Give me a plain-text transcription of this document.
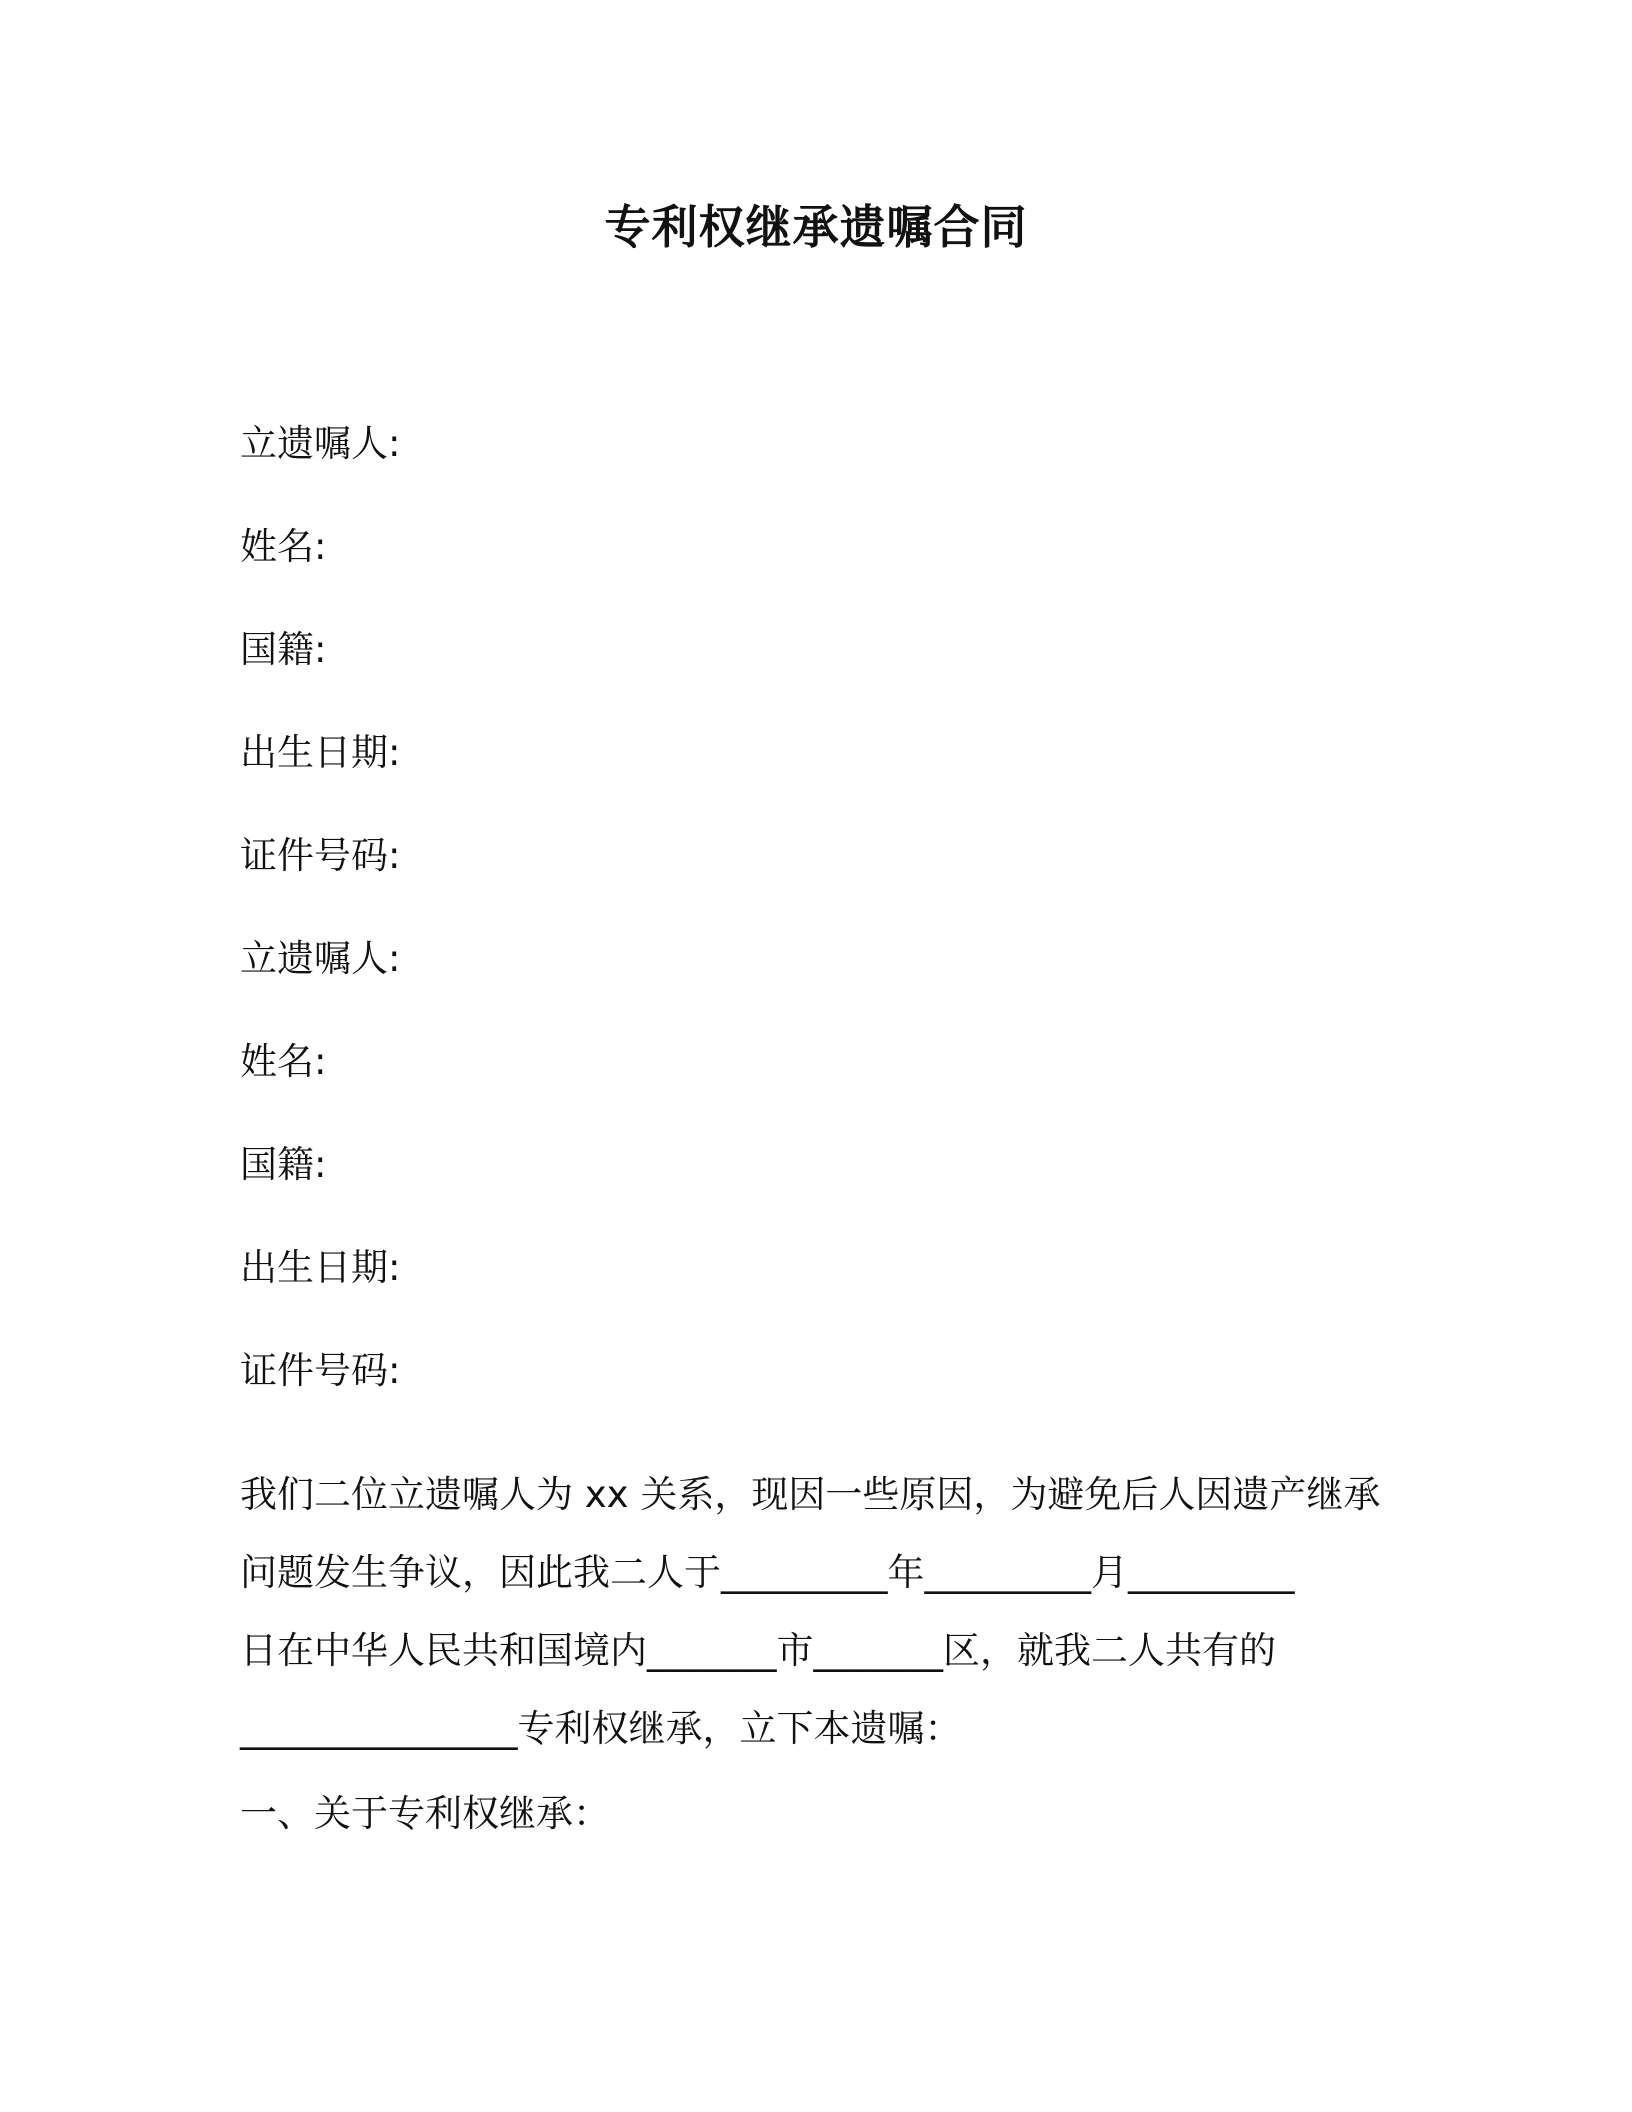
专利权继承遗嘱合同

立遗嘱人:

姓名:

国籍:

出生日期:

证件号码:

立遗嘱人:

姓名:

国籍:

出生日期:

证件号码:

我们二位立遗嘱人为 xx 关系，现因一些原因，为避免后人因遗产继承
问题发生争议，因此我二人于_________年_________月_________
日在中华人民共和国境内_______市_______区，就我二人共有的
_______________专利权继承，立下本遗嘱：

一、关于专利权继承：
